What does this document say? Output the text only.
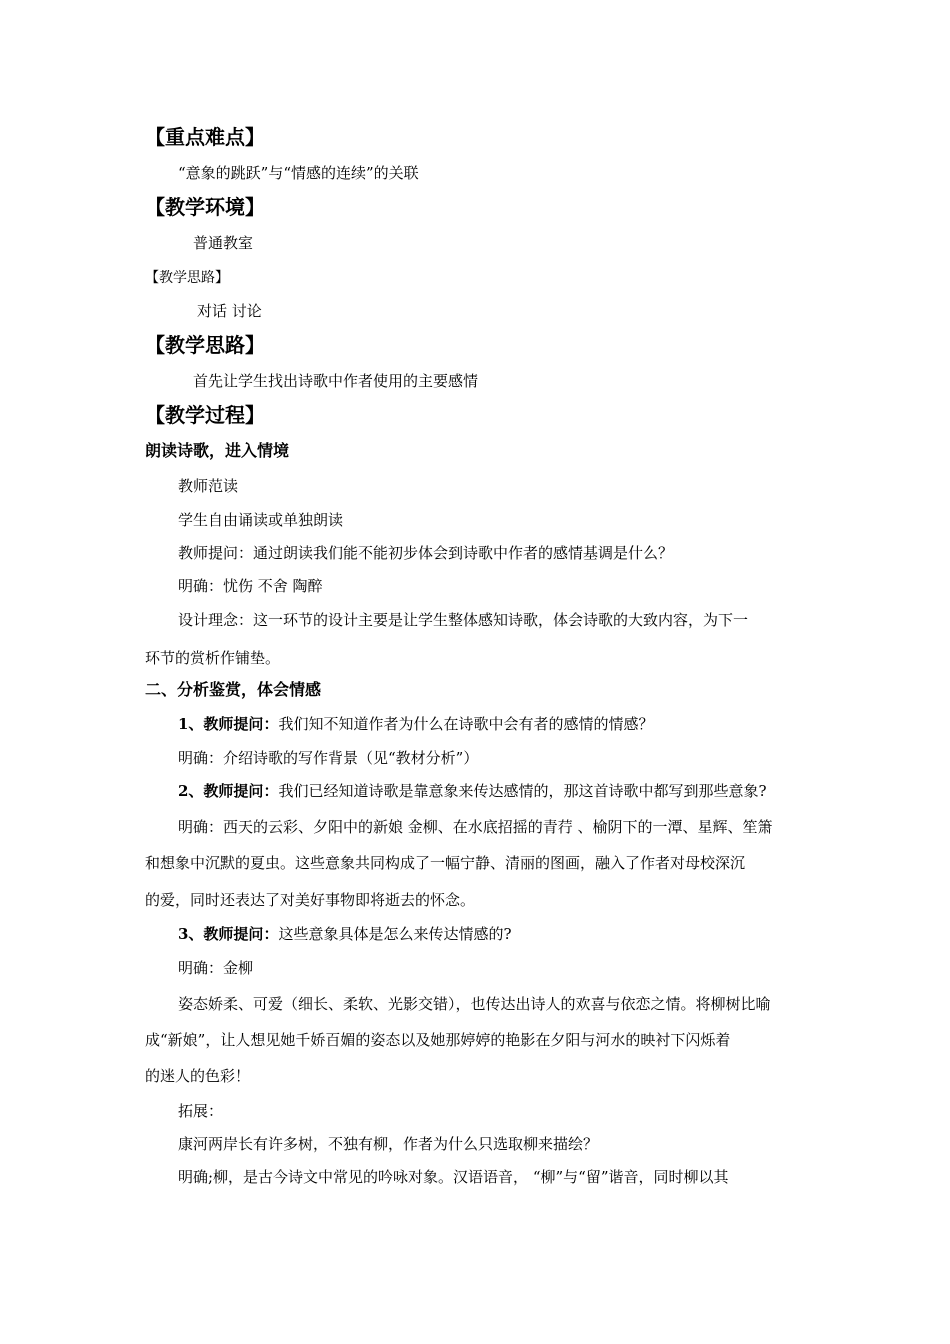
【重点难点】
“意象的跳跃”与“情感的连续”的关联
【教学环境】
普通教室
【教学思路】
对话 讨论
【教学思路】
首先让学生找出诗歌中作者使用的主要感情
【教学过程】
朗读诗歌，进入情境
教师范读
学生自由诵读或单独朗读
教师提问：通过朗读我们能不能初步体会到诗歌中作者的感情基调是什么？
明确：忧伤 不舍 陶醉
设计理念：这一环节的设计主要是让学生整体感知诗歌，体会诗歌的大致内容，为下一
环节的赏析作铺垫。
二、分析鉴赏，体会情感
1、教师提问：我们知不知道作者为什么在诗歌中会有者的感情的情感？
明确：介绍诗歌的写作背景（见“教材分析”）
2、教师提问：我们已经知道诗歌是靠意象来传达感情的，那这首诗歌中都写到那些意象?
明确：西天的云彩、夕阳中的新娘 金柳、在水底招摇的青荇 、榆阴下的一潭、星辉、笙箫
和想象中沉默的夏虫。这些意象共同构成了一幅宁静、清丽的图画，融入了作者对母校深沉
的爱，同时还表达了对美好事物即将逝去的怀念。
3、教师提问：这些意象具体是怎么来传达情感的?
明确：金柳
姿态娇柔、可爱（细长、柔软、光影交错），也传达出诗人的欢喜与依恋之情。将柳树比喻
成“新娘”，让人想见她千娇百媚的姿态以及她那婷婷的艳影在夕阳与河水的映衬下闪烁着
的迷人的色彩！
拓展：
康河两岸长有许多树，不独有柳，作者为什么只选取柳来描绘？
明确;柳，是古今诗文中常见的吟咏对象。汉语语音， “柳”与“留”谐音，同时柳以其
